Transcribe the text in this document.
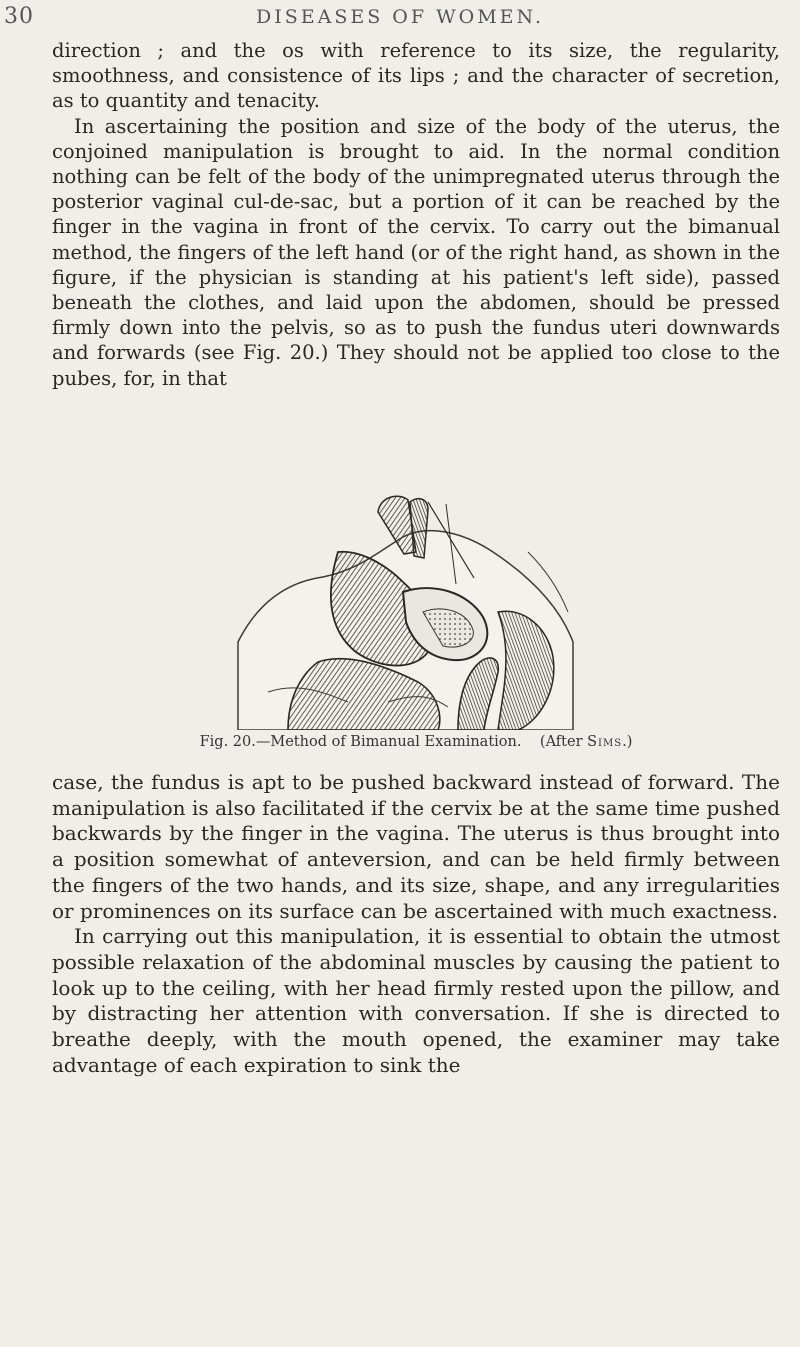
30	DISEASES OF WOMEN.

direction ; and the os with reference to its size, the regularity, smoothness, and consistence of its lips ; and the character of secretion, as to quantity and tenacity.

In ascertaining the position and size of the body of the uterus, the conjoined manipulation is brought to aid. In the normal condition nothing can be felt of the body of the unimpregnated uterus through the posterior vaginal cul-de-sac, but a portion of it can be reached by the finger in the vagina in front of the cervix. To carry out the bimanual method, the fingers of the left hand (or of the right hand, as shown in the figure, if the physician is standing at his patient's left side), passed beneath the clothes, and laid upon the abdomen, should be pressed firmly down into the pelvis, so as to push the fundus uteri downwards and forwards (see Fig. 20.) They should not be applied too close to the pubes, for, in that

Fig. 20.—Method of Bimanual Examination. (After Sims.)

case, the fundus is apt to be pushed backward instead of forward. The manipulation is also facilitated if the cervix be at the same time pushed backwards by the finger in the vagina. The uterus is thus brought into a position somewhat of anteversion, and can be held firmly between the fingers of the two hands, and its size, shape, and any irregularities or prominences on its surface can be ascertained with much exactness.

In carrying out this manipulation, it is essential to obtain the utmost possible relaxation of the abdominal muscles by causing the patient to look up to the ceiling, with her head firmly rested upon the pillow, and by distracting her attention with conversation. If she is directed to breathe deeply, with the mouth opened, the examiner may take advantage of each expiration to sink the
